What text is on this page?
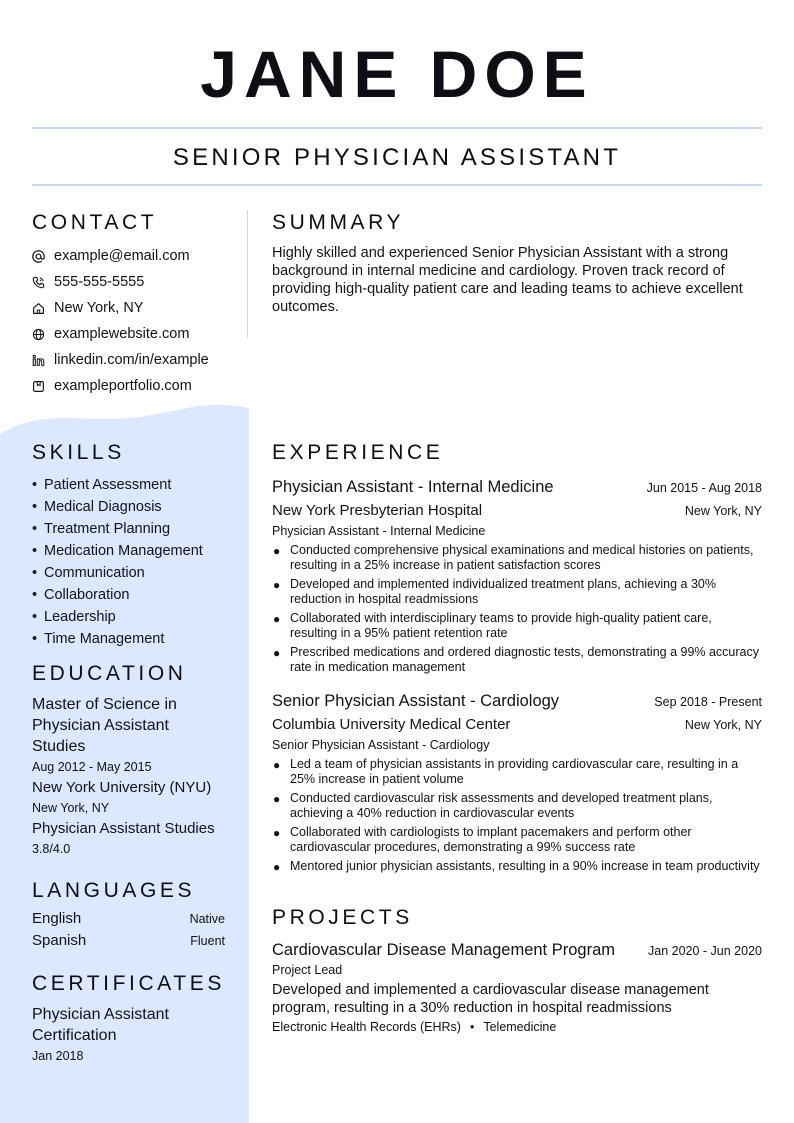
JANE DOE
SENIOR PHYSICIAN ASSISTANT
CONTACT
example@email.com
555-555-5555
New York, NY
examplewebsite.com
linkedin.com/in/example
exampleportfolio.com
SUMMARY
Highly skilled and experienced Senior Physician Assistant with a strong background in internal medicine and cardiology. Proven track record of providing high-quality patient care and leading teams to achieve excellent outcomes.
SKILLS
• Patient Assessment
• Medical Diagnosis
• Treatment Planning
• Medication Management
• Communication
• Collaboration
• Leadership
• Time Management
EDUCATION
Master of Science in Physician Assistant Studies
Aug 2012 - May 2015
New York University (NYU)
New York, NY
Physician Assistant Studies
3.8/4.0
LANGUAGES
English	Native
Spanish	Fluent
CERTIFICATES
Physician Assistant Certification
Jan 2018
EXPERIENCE
Physician Assistant - Internal Medicine	Jun 2015 - Aug 2018
New York Presbyterian Hospital	New York, NY
Physician Assistant - Internal Medicine
● Conducted comprehensive physical examinations and medical histories on patients, resulting in a 25% increase in patient satisfaction scores
● Developed and implemented individualized treatment plans, achieving a 30% reduction in hospital readmissions
● Collaborated with interdisciplinary teams to provide high-quality patient care, resulting in a 95% patient retention rate
● Prescribed medications and ordered diagnostic tests, demonstrating a 99% accuracy rate in medication management
Senior Physician Assistant - Cardiology	Sep 2018 - Present
Columbia University Medical Center	New York, NY
Senior Physician Assistant - Cardiology
● Led a team of physician assistants in providing cardiovascular care, resulting in a 25% increase in patient volume
● Conducted cardiovascular risk assessments and developed treatment plans, achieving a 40% reduction in cardiovascular events
● Collaborated with cardiologists to implant pacemakers and perform other cardiovascular procedures, demonstrating a 99% success rate
● Mentored junior physician assistants, resulting in a 90% increase in team productivity
PROJECTS
Cardiovascular Disease Management Program	Jan 2020 - Jun 2020
Project Lead
Developed and implemented a cardiovascular disease management program, resulting in a 30% reduction in hospital readmissions
Electronic Health Records (EHRs) • Telemedicine
